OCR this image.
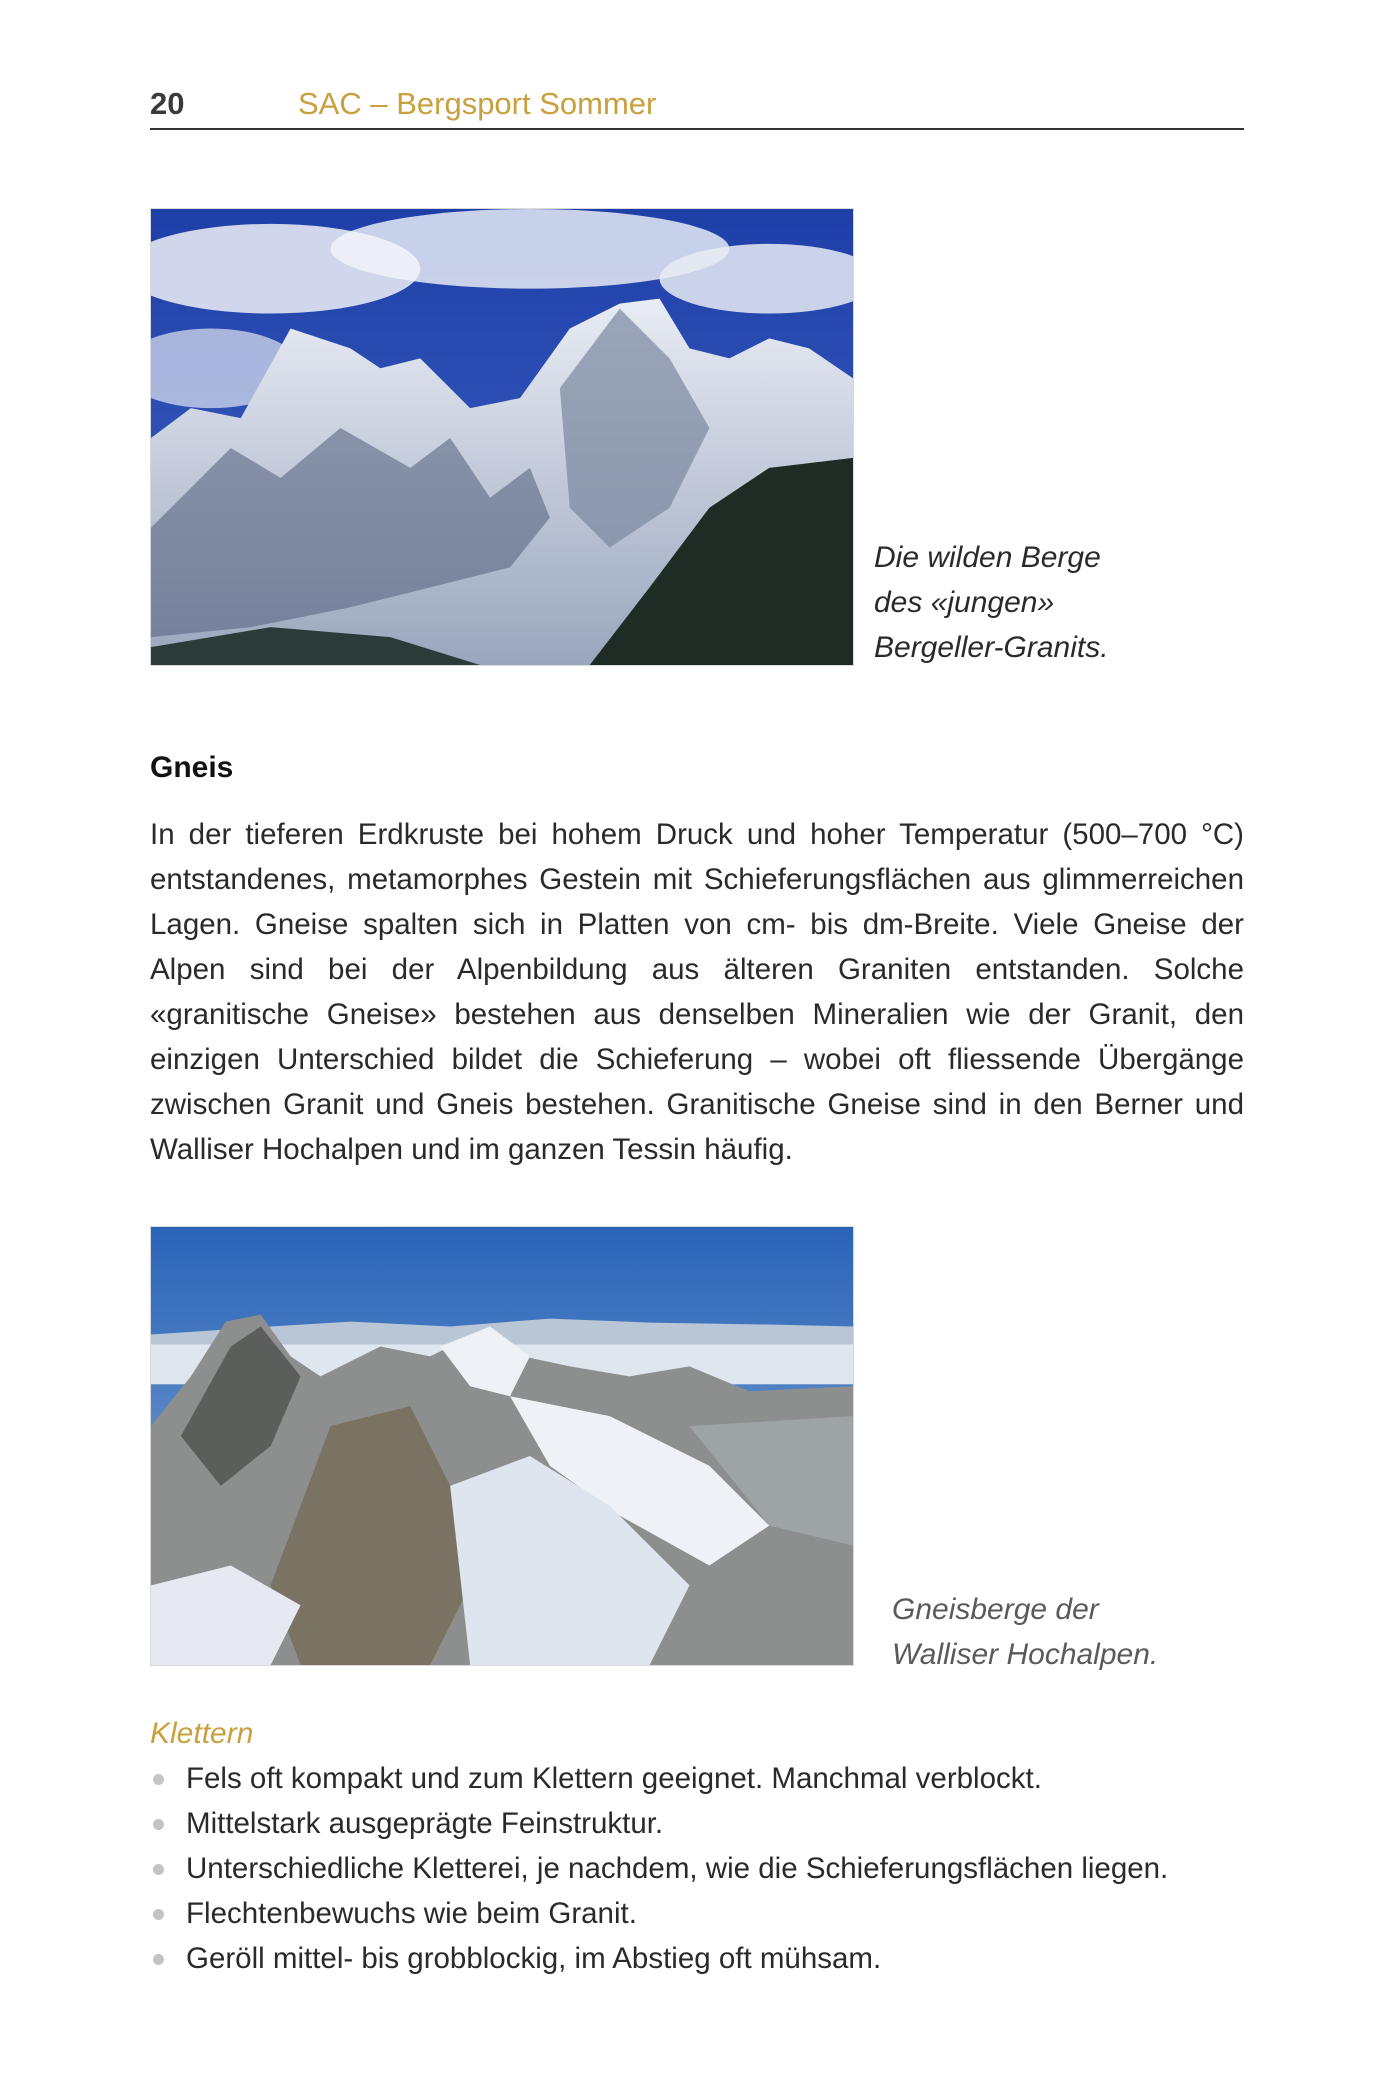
20	SAC – Bergsport Sommer
Die wilden Berge
des «jungen»
Bergeller-Granits.
Gneis

In der tieferen Erdkruste bei hohem Druck und hoher Temperatur (500–700 °C) entstandenes, metamorphes Gestein mit Schieferungsflächen aus glimmerreichen Lagen. Gneise spalten sich in Platten von cm- bis dm-Breite. Viele Gneise der Alpen sind bei der Alpenbildung aus älteren Graniten entstanden. Solche «granitische Gneise» bestehen aus denselben Mineralien wie der Granit, den einzigen Unterschied bildet die Schieferung – wobei oft fliessende Übergänge zwischen Granit und Gneis bestehen. Granitische Gneise sind in den Berner und Walliser Hochalpen und im ganzen Tessin häufig.

Gneisberge der
Walliser Hochalpen.
Klettern
Fels oft kompakt und zum Klettern geeignet. Manchmal verblockt.
Mittelstark ausgeprägte Feinstruktur.
Unterschiedliche Kletterei, je nachdem, wie die Schieferungsflächen liegen.
Flechtenbewuchs wie beim Granit.
Geröll mittel- bis grobblockig, im Abstieg oft mühsam.
